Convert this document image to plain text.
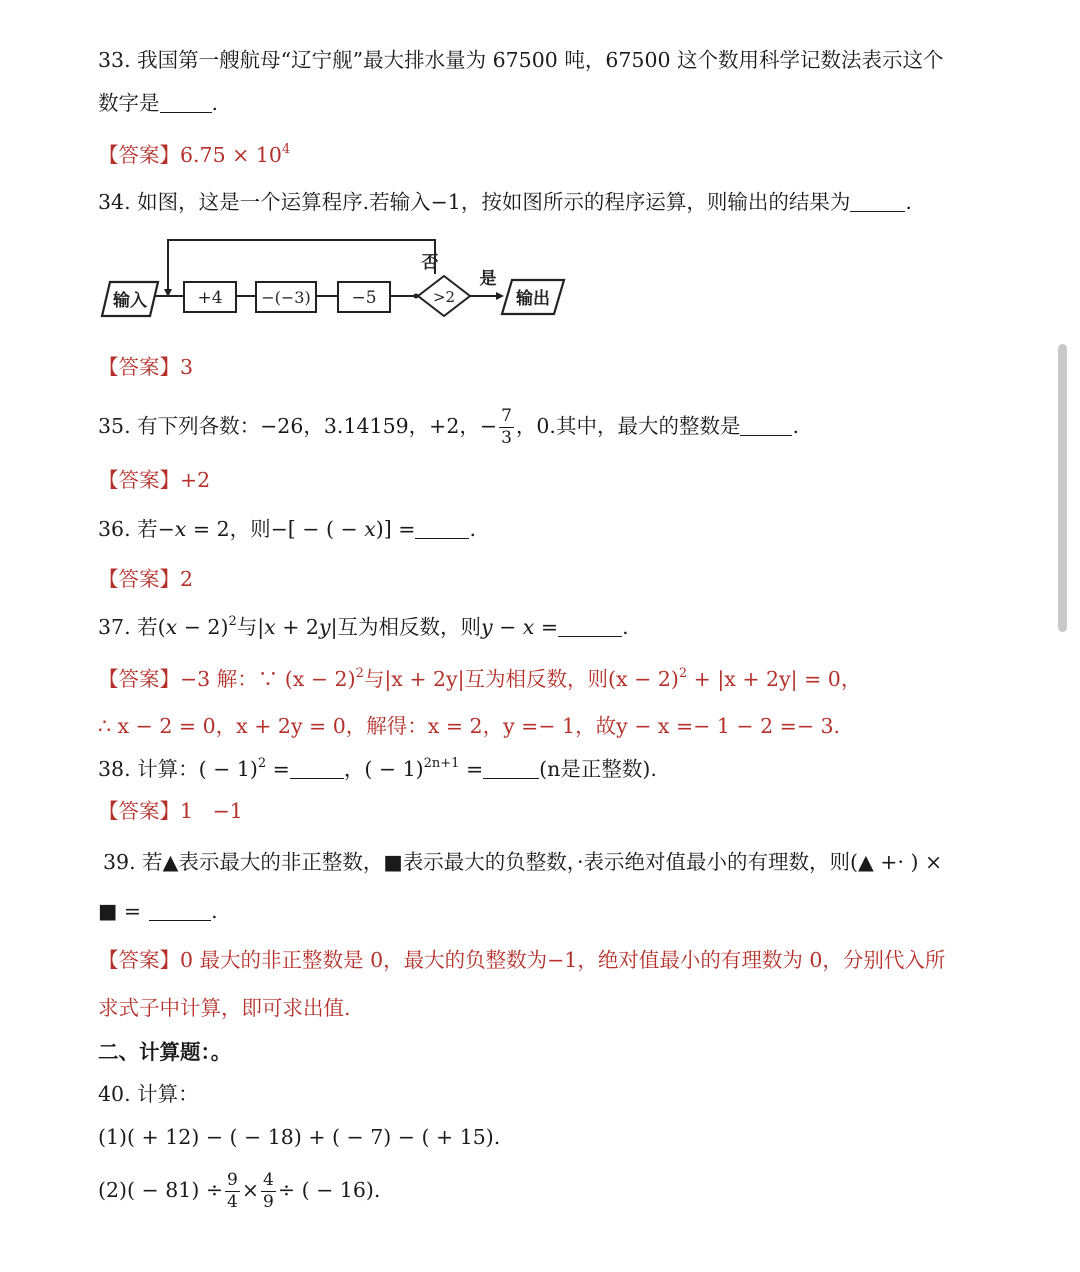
33. 我国第一艘航母“辽宁舰”最大排水量为 67500 吨，67500 这个数用科学记数法表示这个
数字是	.
【答案】$6.75 \times 10^4$
34. 如图，这是一个运算程序.若输入−1，按如图所示的程序运算，则输出的结果为	.
输入	+4 −(−3) −5	>2
否
是
输出
【答案】3
35. 有下列各数：−26，3.14159，+2，− $\frac{7}{3}$ ，0.其中，最大的整数是	.
【答案】+2
36. 若−x = 2，则−[ − ( − x)] =	.
【答案】2
37. 若$(x - 2)^2$与|x + 2y|互为相反数，则y − x =	.
【答案】−3 解：∵ $(x - 2)^2$与|x + 2y|互为相反数，则$(x - 2)^2 + |x + 2y| = 0$，
∴ x − 2 = 0，x + 2y = 0，解得：x = 2，y =− 1，故y − x =− 1 − 2 =− 3.
38. 计算：( − 1)$^2$ =	，( − 1)$^{2n+1}$ =	(n是正整数).
【答案】1   −1
39. 若▲表示最大的非正整数，■表示最大的负整数，·表示绝对值最小的有理数，则(▲ +· ) ×
■ =	.
【答案】0 最大的非正整数是 0，最大的负整数为−1，绝对值最小的有理数为 0，分别代入所
求式子中计算，即可求出值.
二、计算题：。
40. 计算：
(1)( + 12) − ( − 18) + ( − 7) − ( + 15).
$(2)( - 81) \div \frac{9}{4} \times \frac{4}{9}$ ÷ ( − 16).
